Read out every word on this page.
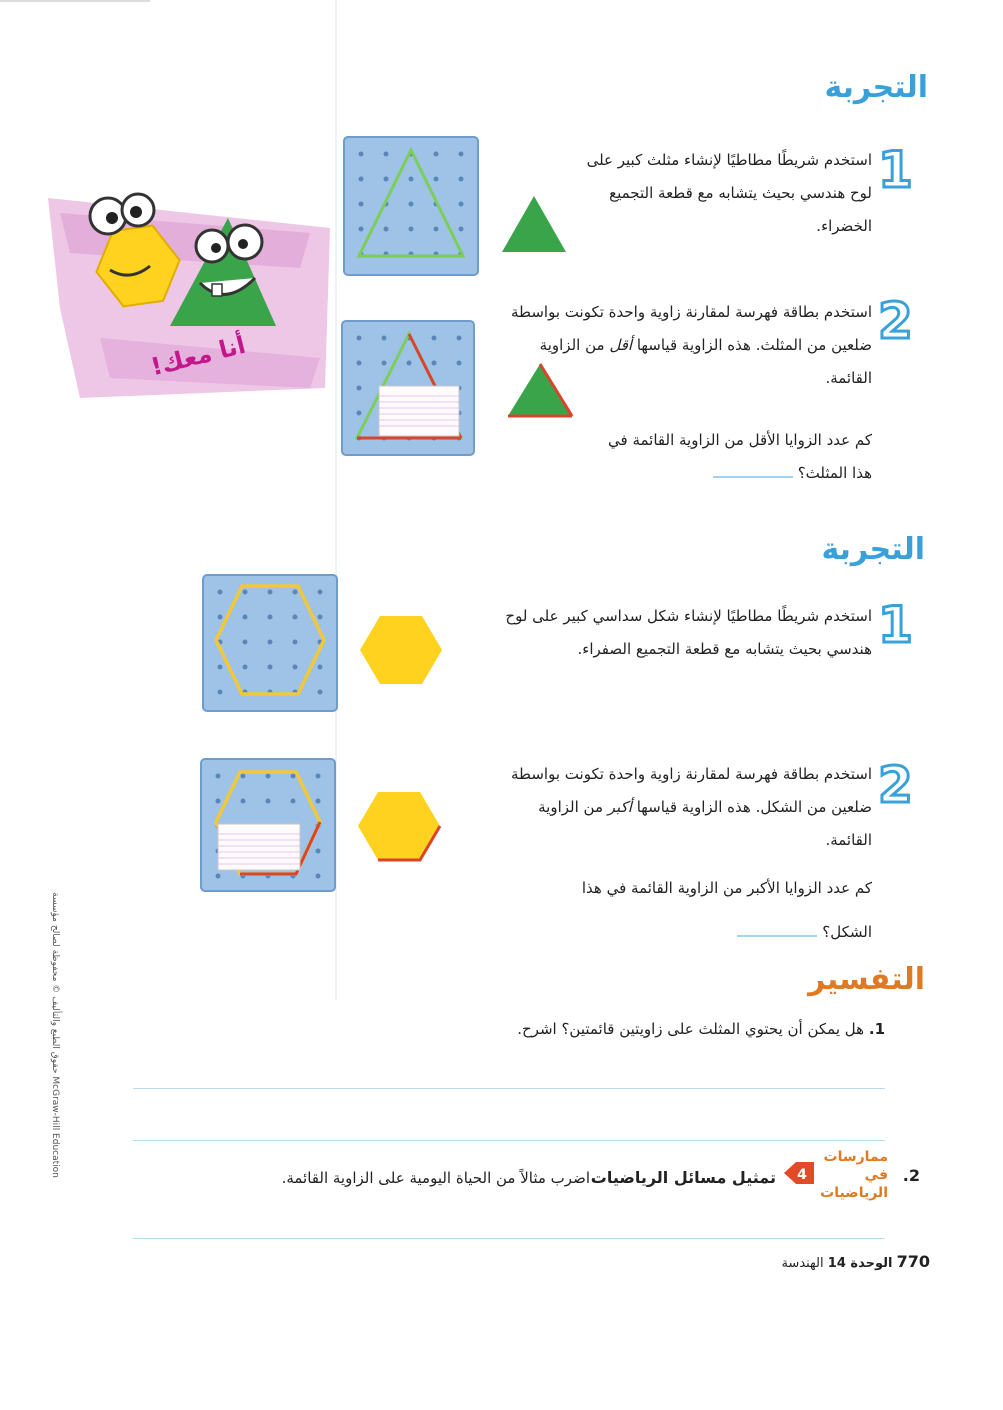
حقوق الطبع والتأليف © محفوظة لصالح مؤسسة McGraw-Hill Education
التجربة
1
استخدم شريطًا مطاطيًا لإنشاء مثلث كبير على لوح هندسي بحيث يتشابه مع قطعة التجميع الخضراء.
2
استخدم بطاقة فهرسة لمقارنة زاوية واحدة تكونت بواسطة ضلعين من المثلث. هذه الزاوية قياسها أقل من الزاوية القائمة.
كم عدد الزوايا الأقل من الزاوية القائمة في هذا المثلث؟
أنا معك!
التجربة
1
استخدم شريطًا مطاطيًا لإنشاء شكل سداسي كبير على لوح هندسي بحيث يتشابه مع قطعة التجميع الصفراء.
2
استخدم بطاقة فهرسة لمقارنة زاوية واحدة تكونت بواسطة ضلعين من الشكل. هذه الزاوية قياسها أكبر من الزاوية القائمة.
كم عدد الزوايا الأكبر من الزاوية القائمة في هذا الشكل؟
التفسير
1. هل يمكن أن يحتوي المثلث على زاويتين قائمتين؟ اشرح.
2.
ممارسات في الرياضيات
4
تمثيل مسائل الرياضيات
اضرب مثالاً من الحياة اليومية على الزاوية القائمة.
770 الوحدة 14 الهندسة
